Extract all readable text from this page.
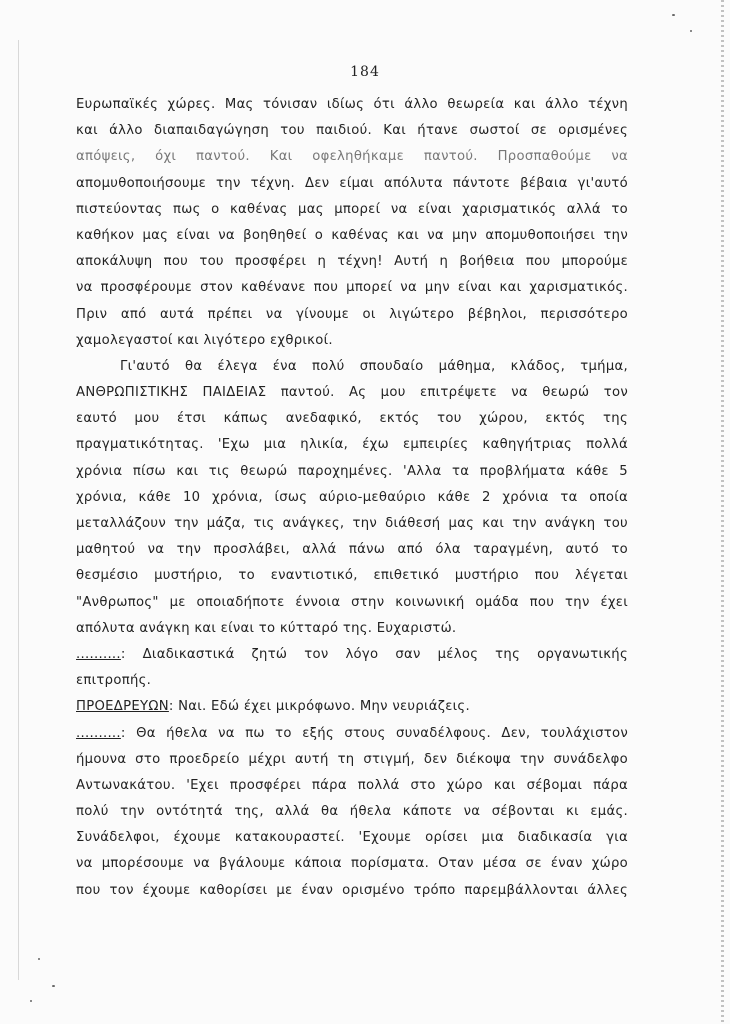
184
Ευρωπαϊκές χώρες. Μας τόνισαν ιδίως ότι άλλο θεωρεία και άλλο τέχνη
και άλλο διαπαιδαγώγηση του παιδιού. Και ήτανε σωστοί σε ορισμένες
απόψεις, όχι παντού. Και οφεληθήκαμε παντού. Προσπαθούμε να
απομυθοποιήσουμε την τέχνη. Δεν είμαι απόλυτα πάντοτε βέβαια γι'αυτό
πιστεύοντας πως ο καθένας μας μπορεί να είναι χαρισματικός αλλά το
καθήκον μας είναι να βοηθηθεί ο καθένας και να μην απομυθοποιήσει την
αποκάλυψη που του προσφέρει η τέχνη! Αυτή η βοήθεια που μπορούμε
να προσφέρουμε στον καθένανε που μπορεί να μην είναι και χαρισματικός.
Πριν από αυτά πρέπει να γίνουμε οι λιγώτερο βέβηλοι, περισσότερο
χαμολεγαστοί και λιγότερο εχθρικοί.
Γι'αυτό θα έλεγα ένα πολύ σπουδαίο μάθημα, κλάδος, τμήμα,
ΑΝΘΡΩΠΙΣΤΙΚΗΣ ΠΑΙΔΕΙΑΣ παντού. Ας μου επιτρέψετε να θεωρώ τον
εαυτό μου έτσι κάπως ανεδαφικό, εκτός του χώρου, εκτός της
πραγματικότητας. 'Εχω μια ηλικία, έχω εμπειρίες καθηγήτριας πολλά
χρόνια πίσω και τις θεωρώ παροχημένες. 'Αλλα τα προβλήματα κάθε 5
χρόνια, κάθε 10 χρόνια, ίσως αύριο-μεθαύριο κάθε 2 χρόνια τα οποία
μεταλλάζουν την μάζα, τις ανάγκες, την διάθεσή μας και την ανάγκη του
μαθητού να την προσλάβει, αλλά πάνω από όλα ταραγμένη, αυτό το
θεσμέσιο μυστήριο, το εναντιοτικό, επιθετικό μυστήριο που λέγεται
"Ανθρωπος" με οποιαδήποτε έννοια στην κοινωνική ομάδα που την έχει
απόλυτα ανάγκη και είναι το κύτταρό της. Ευχαριστώ.
..........: Διαδικαστικά ζητώ τον λόγο σαν μέλος της οργανωτικής
επιτροπής.
ΠΡΟΕΔΡΕΥΩΝ: Ναι. Εδώ έχει μικρόφωνο. Μην νευριάζεις.
..........: Θα ήθελα να πω το εξής στους συναδέλφους. Δεν, τουλάχιστον
ήμουνα στο προεδρείο μέχρι αυτή τη στιγμή, δεν διέκοψα την συνάδελφο
Αντωνακάτου. 'Εχει προσφέρει πάρα πολλά στο χώρο και σέβομαι πάρα
πολύ την οντότητά της, αλλά θα ήθελα κάποτε να σέβονται κι εμάς.
Συνάδελφοι, έχουμε κατακουραστεί. 'Εχουμε ορίσει μια διαδικασία για
να μπορέσουμε να βγάλουμε κάποια πορίσματα. Οταν μέσα σε έναν χώρο
που τον έχουμε καθορίσει με έναν ορισμένο τρόπο παρεμβάλλονται άλλες
